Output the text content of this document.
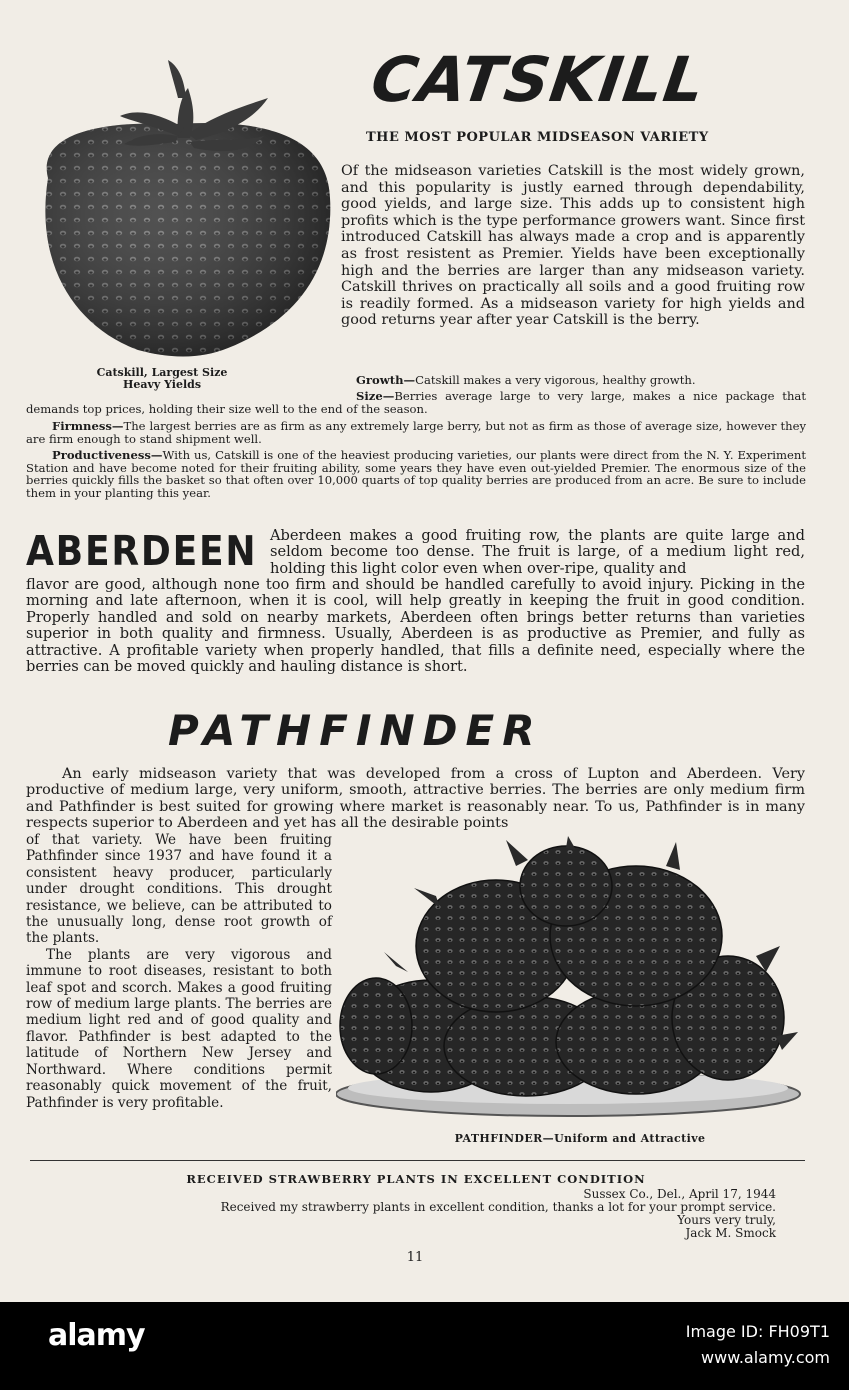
CATSKILL
THE MOST POPULAR MIDSEASON VARIETY
Of the midseason varieties Catskill is the most widely grown, and this popularity is justly earned through dependability, good yields, and large size. This adds up to consistent high profits which is the type performance growers want. Since first introduced Catskill has always made a crop and is apparently as frost resistent as Premier. Yields have been exceptionally high and the berries are larger than any midseason variety. Catskill thrives on practically all soils and a good fruiting row is readily formed. As a midseason variety for high yields and good returns year after year Catskill is the berry.
Catskill, Largest Size
Heavy Yields	Growth—Catskill makes a very vigorous, healthy growth.
Size—Berries average large to very large, makes a nice package that demands top prices, holding their size well to the end of the season.
Firmness—The largest berries are as firm as any extremely large berry, but not as firm as those of average size, however they are firm enough to stand shipment well.
Productiveness—With us, Catskill is one of the heaviest producing varieties, our plants were direct from the N. Y. Experiment Station and have become noted for their fruiting ability, some years they have even out-yielded Premier. The enormous size of the berries quickly fills the basket so that often over 10,000 quarts of top quality berries are produced from an acre. Be sure to include them in your planting this year.
ABERDEEN Aberdeen makes a good fruiting row, the plants are quite large and seldom become too dense. The fruit is large, of a medium light red, holding this light color even when over-ripe, quality and
flavor are good, although none too firm and should be handled carefully to avoid injury. Picking in the morning and late afternoon, when it is cool, will help greatly in keeping the fruit in good condition. Properly handled and sold on nearby markets, Aberdeen often brings better returns than varieties superior in both quality and firmness. Usually, Aberdeen is as productive as Premier, and fully as attractive. A profitable variety when properly handled, that fills a definite need, especially where the berries can be moved quickly and hauling distance is short.
PATHFINDER
An early midseason variety that was developed from a cross of Lupton and Aberdeen. Very productive of medium large, very uniform, smooth, attractive berries. The berries are only medium firm and Pathfinder is best suited for growing where market is reasonably near. To us, Pathfinder is in many respects superior to Aberdeen and yet has all the desirable points
of that variety. We have been fruiting Pathfinder since 1937 and have found it a consistent heavy producer, particularly under drought conditions. This drought resistance, we believe, can be attributed to the unusually long, dense root growth of the plants.
The plants are very vigorous and immune to root diseases, resistant to both leaf spot and scorch. Makes a good fruiting row of medium large plants. The berries are medium light red and of good quality and flavor. Pathfinder is best adapted to the latitude of Northern New Jersey and Northward. Where conditions permit reasonably quick movement of the fruit, Pathfinder is very profitable.
PATHFINDER—Uniform and Attractive
RECEIVED STRAWBERRY PLANTS IN EXCELLENT CONDITION
Sussex Co., Del., April 17, 1944
Received my strawberry plants in excellent condition, thanks a lot for your prompt service.
Yours very truly,
Jack M. Smock
11
alamy	Image ID: FH09T1
www.alamy.com
